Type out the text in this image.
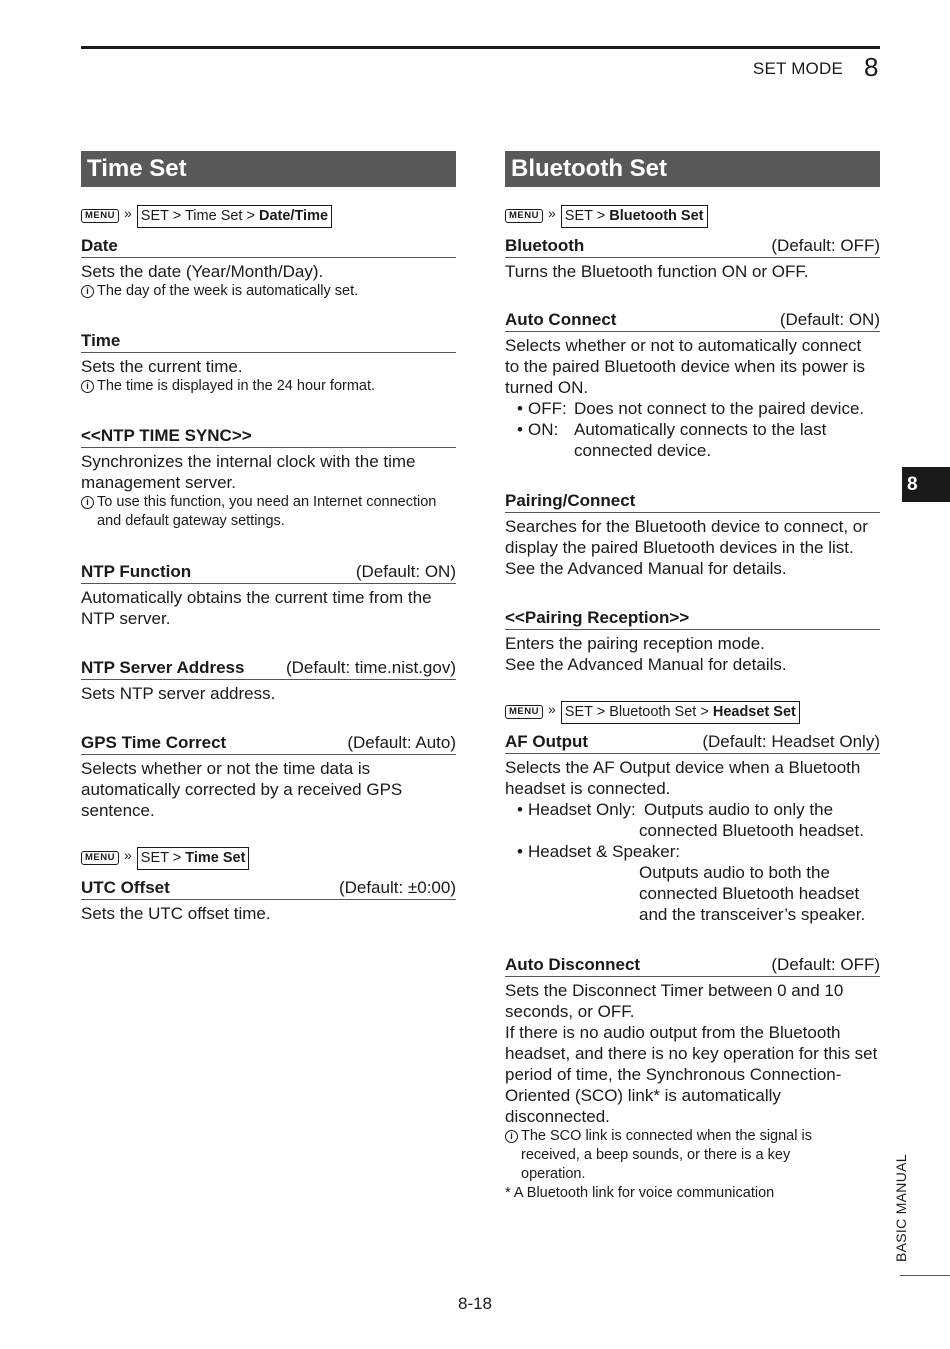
SET MODE 8
Time Set
MENU » SET > Time Set > Date/Time
Date
Sets the date (Year/Month/Day).
i
The day of the week is automatically set.
Time
Sets the current time.
i
The time is displayed in the 24 hour format.
<<NTP TIME SYNC>>
Synchronizes the internal clock with the time management server.
i
To use this function, you need an Internet connection and default gateway settings.
NTP Function	(Default: ON)
Automatically obtains the current time from the NTP server.
NTP Server Address (Default: time.nist.gov)
Sets NTP server address.
GPS Time Correct	(Default: Auto)
Selects whether or not the time data is automatically corrected by a received GPS sentence.
MENU » SET > Time Set
UTC Offset	(Default: ±0:00)
Sets the UTC offset time.
Bluetooth Set
MENU » SET > Bluetooth Set
Bluetooth	(Default: OFF)
Turns the Bluetooth function ON or OFF.
Auto Connect	(Default: ON)
Selects whether or not to automatically connect to the paired Bluetooth device when its power is turned ON.
• OFF: Does not connect to the paired device.
• ON: Automatically connects to the last connected device.
Pairing/Connect
Searches for the Bluetooth device to connect, or display the paired Bluetooth devices in the list. See the Advanced Manual for details.
<<Pairing Reception>>
Enters the pairing reception mode.
See the Advanced Manual for details.
MENU » SET > Bluetooth Set > Headset Set
AF Output	(Default: Headset Only)
Selects the AF Output device when a Bluetooth headset is connected.
• Headset Only: Outputs audio to only the
connected Bluetooth headset.
• Headset & Speaker:
Outputs audio to both the connected Bluetooth headset and the transceiver’s speaker.
Auto Disconnect	(Default: OFF)
Sets the Disconnect Timer between 0 and 10 seconds, or OFF.
If there is no audio output from the Bluetooth headset, and there is no key operation for this set period of time, the Synchronous Connection-Oriented (SCO) link* is automatically disconnected.
i
The SCO link is connected when the signal is received, a beep sounds, or there is a key operation.
* A Bluetooth link for voice communication
8
BASIC MANUAL
8-18
